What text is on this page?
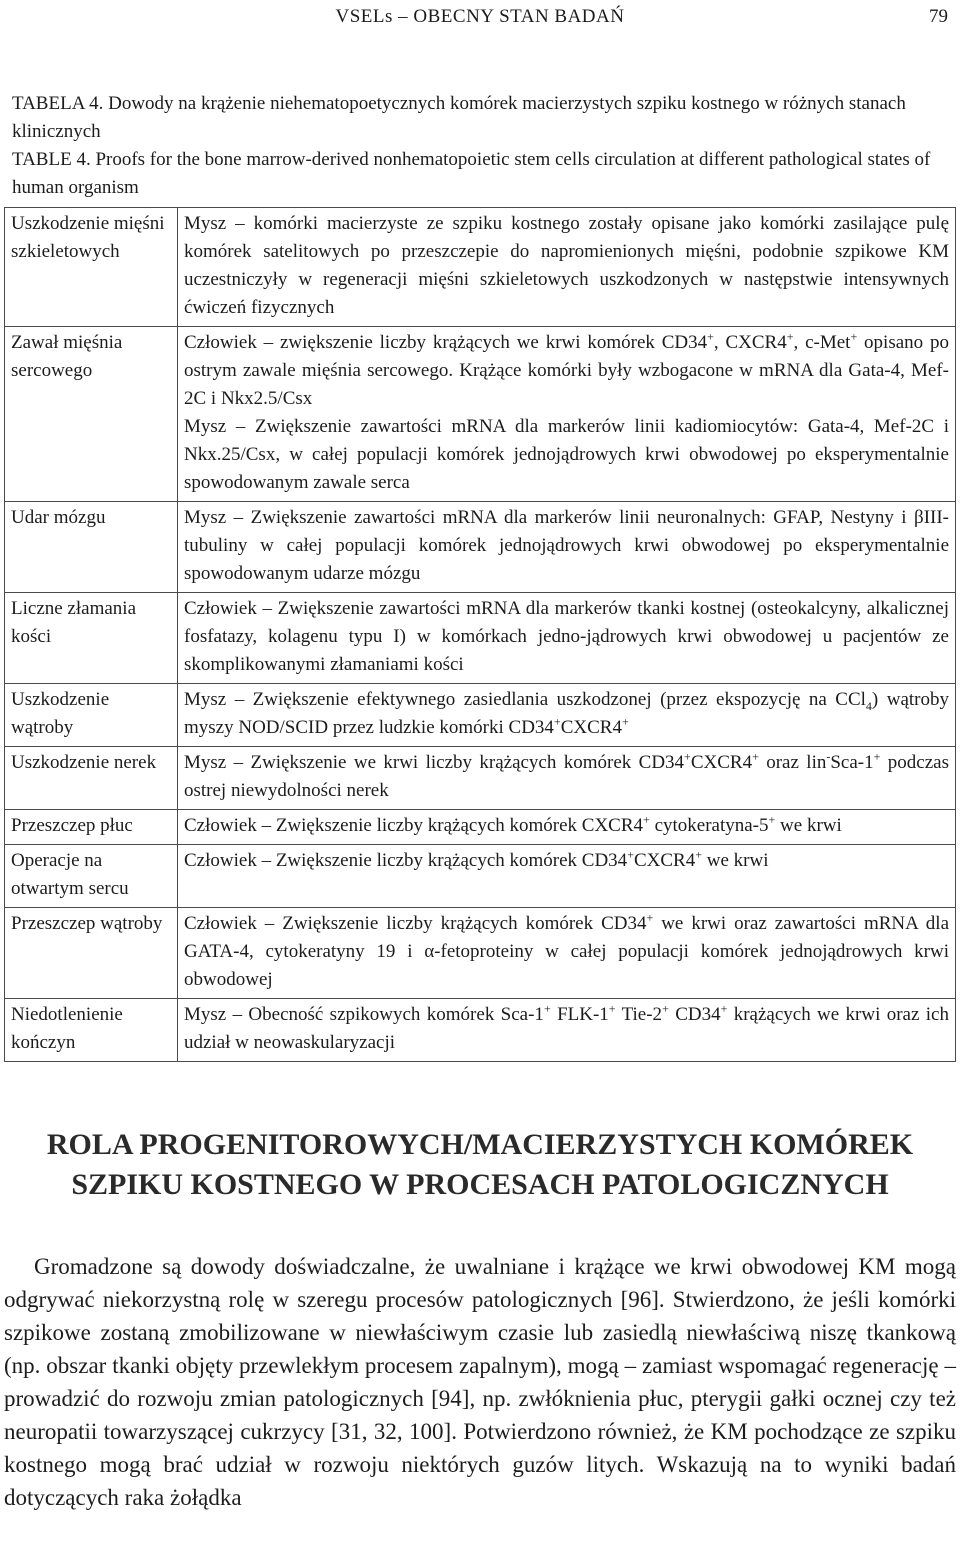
VSELs – OBECNY STAN BADAŃ	79
TABELA 4. Dowody na krążenie niehematopoetycznych komórek macierzystych szpiku kostnego w różnych stanach klinicznych
TABLE 4. Proofs for the bone marrow-derived nonhematopoietic stem cells circulation at different pathological states of human organism
Uszkodzenie mięśni szkieletowych	Mysz – komórki macierzyste ze szpiku kostnego zostały opisane jako komórki zasilające pulę komórek satelitowych po przeszczepie do napromienionych mięśni, podobnie szpikowe KM uczestniczyły w regeneracji mięśni szkieletowych uszkodzonych w następstwie intensywnych ćwiczeń fizycznych
Zawał mięśnia sercowego	Człowiek – zwiększenie liczby krążących we krwi komórek CD34+, CXCR4+, c-Met+ opisano po ostrym zawale mięśnia sercowego. Krążące komórki były wzbogacone w mRNA dla Gata-4, Mef-2C i Nkx2.5/Csx
Mysz – Zwiększenie zawartości mRNA dla markerów linii kadiomiocytów: Gata-4, Mef-2C i Nkx.25/Csx, w całej populacji komórek jednojądrowych krwi obwodowej po eksperymentalnie spowodowanym zawale serca
Udar mózgu	Mysz – Zwiększenie zawartości mRNA dla markerów linii neuronalnych: GFAP, Nestyny i βIII-tubuliny w całej populacji komórek jednojądrowych krwi obwodowej po eksperymentalnie spowodowanym udarze mózgu
Liczne złamania kości	Człowiek – Zwiększenie zawartości mRNA dla markerów tkanki kostnej (osteokalcyny, alkalicznej fosfatazy, kolagenu typu I) w komórkach jedno-jądrowych krwi obwodowej u pacjentów ze skomplikowanymi złamaniami kości
Uszkodzenie wątroby	Mysz – Zwiększenie efektywnego zasiedlania uszkodzonej (przez ekspozycję na CCl$_4$) wątroby myszy NOD/SCID przez ludzkie komórki CD34+CXCR4+
Uszkodzenie nerek	Mysz – Zwiększenie we krwi liczby krążących komórek CD34+CXCR4+ oraz lin-Sca-1+ podczas ostrej niewydolności nerek
Przeszczep płuc	Człowiek – Zwiększenie liczby krążących komórek CXCR4+ cytokeratyna-5+ we krwi
Operacje na otwartym sercu	Człowiek – Zwiększenie liczby krążących komórek CD34+CXCR4+ we krwi
Przeszczep wątroby	Człowiek – Zwiększenie liczby krążących komórek CD34+ we krwi oraz zawartości mRNA dla GATA-4, cytokeratyny 19 i α-fetoproteiny w całej populacji komórek jednojądrowych krwi obwodowej
Niedotlenienie kończyn	Mysz – Obecność szpikowych komórek Sca-1+ FLK-1+ Tie-2+ CD34+ krążących we krwi oraz ich udział w neowaskularyzacji
ROLA PROGENITOROWYCH/MACIERZYSTYCH KOMÓREK SZPIKU KOSTNEGO W PROCESACH PATOLOGICZNYCH
Gromadzone są dowody doświadczalne, że uwalniane i krążące we krwi obwodowej KM mogą odgrywać niekorzystną rolę w szeregu procesów patologicznych [96]. Stwierdzono, że jeśli komórki szpikowe zostaną zmobilizowane w niewłaściwym czasie lub zasiedlą niewłaściwą niszę tkankową (np. obszar tkanki objęty przewlekłym procesem zapalnym), mogą – zamiast wspomagać regenerację – prowadzić do rozwoju zmian patologicznych [94], np. zwłóknienia płuc, pterygii gałki ocznej czy też neuropatii towarzyszącej cukrzycy [31, 32, 100]. Potwierdzono również, że KM pochodzące ze szpiku kostnego mogą brać udział w rozwoju niektórych guzów litych. Wskazują na to wyniki badań dotyczących raka żołądka
